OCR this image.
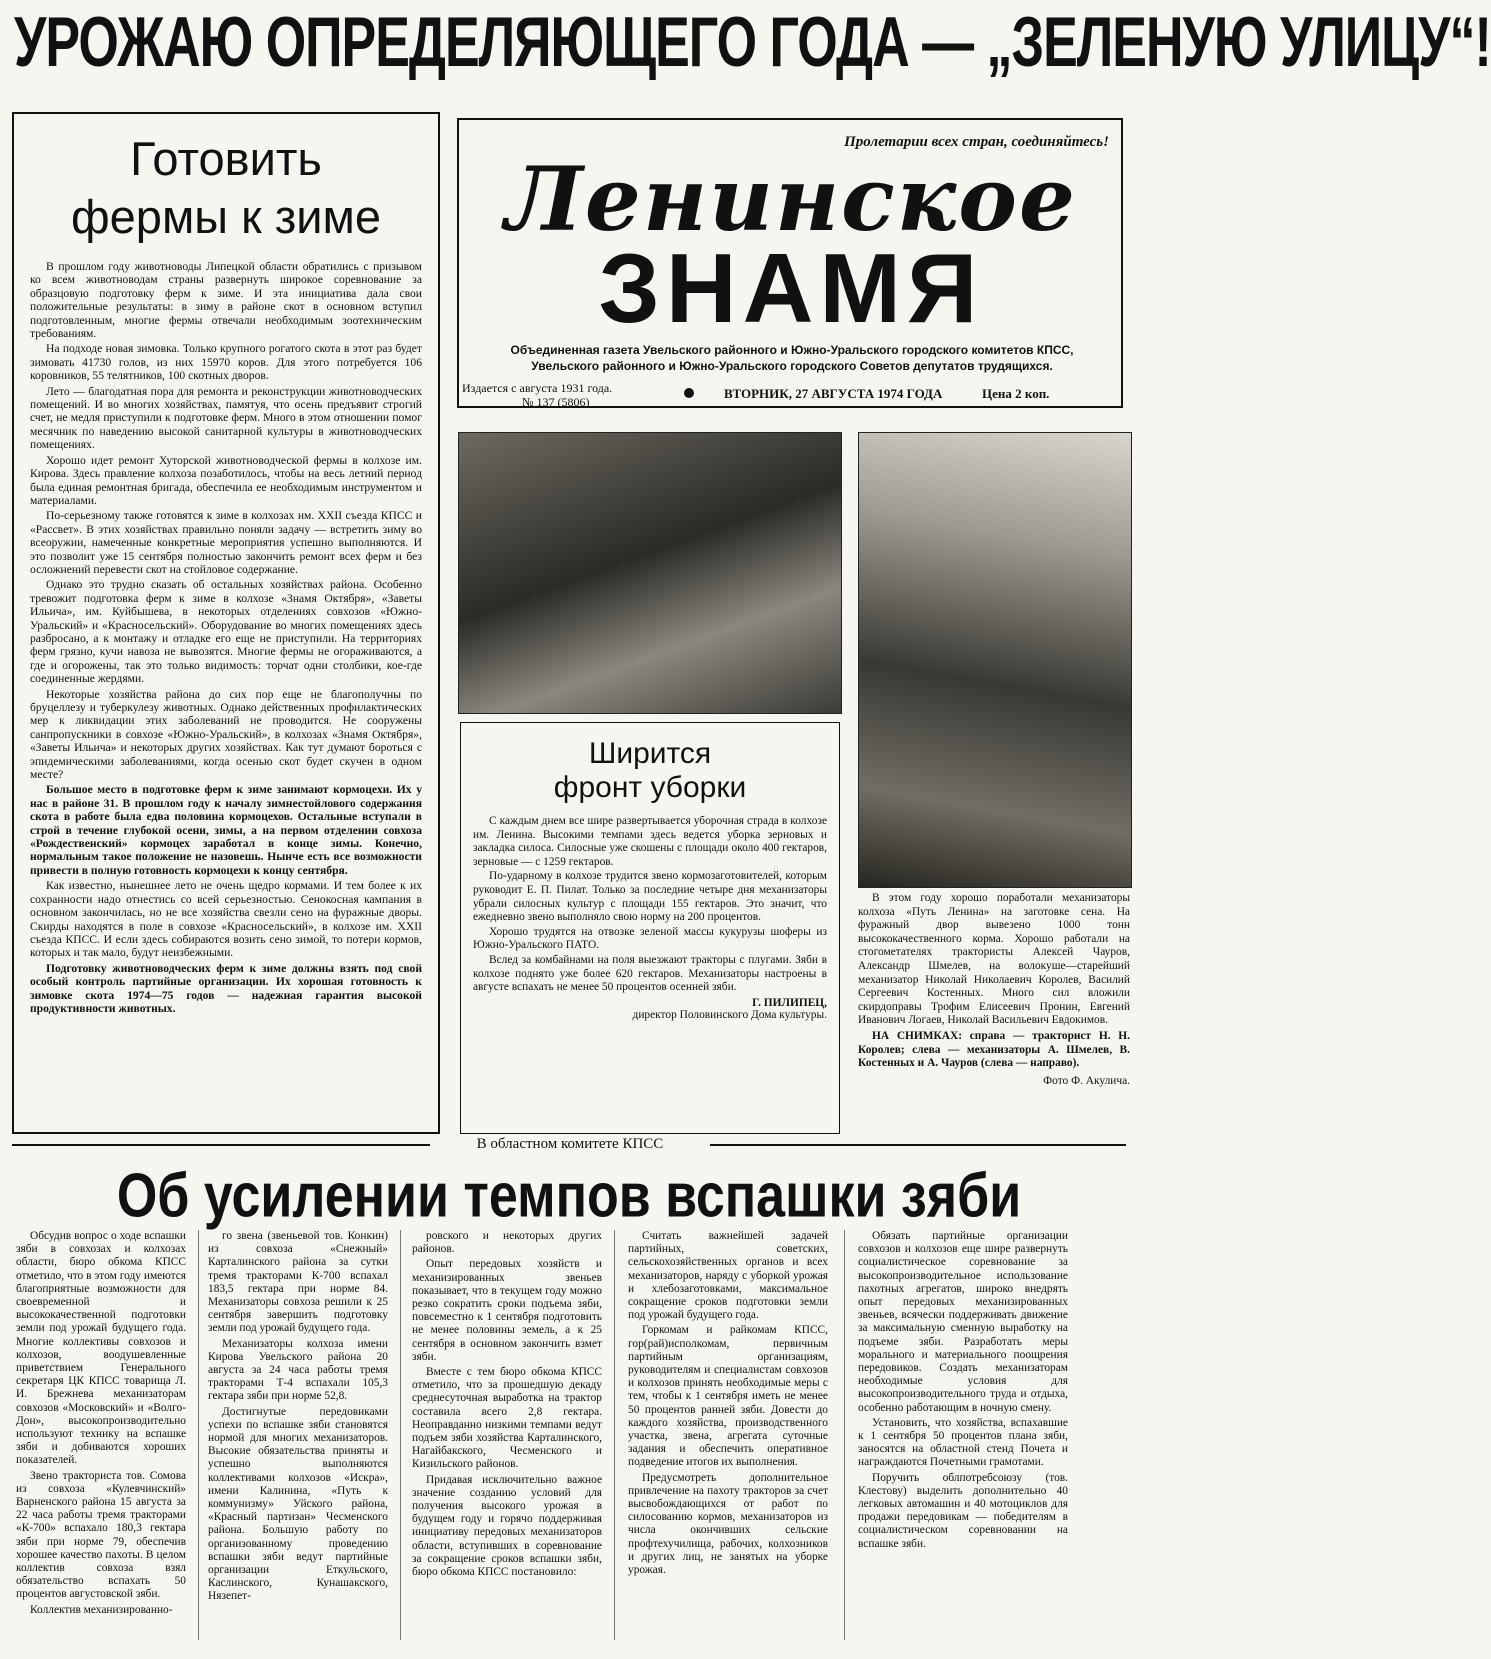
УРОЖАЮ ОПРЕДЕЛЯЮЩЕГО ГОДА — „ЗЕЛЕНУЮ УЛИЦУ“!
Готовить
фермы к зиме

В прошлом году животноводы Липецкой области обратились с призывом ко всем животноводам страны развернуть широкое соревнование за образцовую подготовку ферм к зиме. И эта инициатива дала свои положительные результаты: в зиму в районе скот в основном вступил подготовленным, многие фермы отвечали необходимым зоотехническим требованиям.

На подходе новая зимовка. Только крупного рогатого скота в этот раз будет зимовать 41730 голов, из них 15970 коров. Для этого потребуется 106 коровников, 55 телятников, 100 скотных дворов.

Лето — благодатная пора для ремонта и реконструкции животноводческих помещений. И во многих хозяйствах, памятуя, что осень предъявит строгий счет, не медля приступили к подготовке ферм. Много в этом отношении помог месячник по наведению высокой санитарной культуры в животноводческих помещениях.

Хорошо идет ремонт Хуторской животноводческой фермы в колхозе им. Кирова. Здесь правление колхоза позаботилось, чтобы на весь летний период была единая ремонтная бригада, обеспечила ее необходимым инструментом и материалами.

По-серьезному также готовятся к зиме в колхозах им. XXII съезда КПСС и «Рассвет». В этих хозяйствах правильно поняли задачу — встретить зиму во всеоружии, намеченные конкретные мероприятия успешно выполняются. И это позволит уже 15 сентября полностью закончить ремонт всех ферм и без осложнений перевести скот на стойловое содержание.

Однако это трудно сказать об остальных хозяйствах района. Особенно тревожит подготовка ферм к зиме в колхозе «Знамя Октября», «Заветы Ильича», им. Куйбышева, в некоторых отделениях совхозов «Южно-Уральский» и «Красносельский». Оборудование во многих помещениях здесь разбросано, а к монтажу и отладке его еще не приступили. На территориях ферм грязно, кучи навоза не вывозятся. Многие фермы не огораживаются, а где и огорожены, так это только видимость: торчат одни столбики, кое-где соединенные жердями.

Некоторые хозяйства района до сих пор еще не благополучны по бруцеллезу и туберкулезу животных. Однако действенных профилактических мер к ликвидации этих заболеваний не проводится. Не сооружены санпропускники в совхозе «Южно-Уральский», в колхозах «Знамя Октября», «Заветы Ильича» и некоторых других хозяйствах. Как тут думают бороться с эпидемическими заболеваниями, когда осенью скот будет скучен в одном месте?

Большое место в подготовке ферм к зиме занимают кормоцехи. Их у нас в районе 31. В прошлом году к началу зимнестойлового содержания скота в работе была едва половина кормоцехов. Остальные вступали в строй в течение глубокой осени, зимы, а на первом отделении совхоза «Рождественский» кормоцех заработал в конце зимы. Конечно, нормальным такое положение не назовешь. Нынче есть все возможности привести в полную готовность кормоцехи к концу сентября.

Как известно, нынешнее лето не очень щедро кормами. И тем более к их сохранности надо отнестись со всей серьезностью. Сенокосная кампания в основном закончилась, но не все хозяйства свезли сено на фуражные дворы. Скирды находятся в поле в совхозе «Красносельский», в колхозе им. XXII съезда КПСС. И если здесь собираются возить сено зимой, то потери кормов, которых и так мало, будут неизбежными.

Подготовку животноводческих ферм к зиме должны взять под свой особый контроль партийные организации. Их хорошая готовность к зимовке скота 1974—75 годов — надежная гарантия высокой продуктивности животных.

Пролетарии всех стран, соединяйтесь!
Ленинское
ЗНАМЯ
Объединенная газета Увельского районного и Южно-Уральского городского комитетов КПСС,
Увельского районного и Южно-Уральского городского Советов депутатов трудящихся.
Издается с августа 1931 года.
№ 137 (5806)
ВТОРНИК, 27 АВГУСТА 1974 ГОДА	Цена 2 коп.
Ширится
фронт уборки

С каждым днем все шире развертывается уборочная страда в колхозе им. Ленина. Высокими темпами здесь ведется уборка зерновых и закладка силоса. Силосные уже скошены с площади около 400 гектаров, зерновые — с 1259 гектаров.

По-ударному в колхозе трудится звено кормозаготовителей, которым руководит Е. П. Пилат. Только за последние четыре дня механизаторы убрали силосных культур с площади 155 гектаров. Это значит, что ежедневно звено выполняло свою норму на 200 процентов.

Хорошо трудятся на отвозке зеленой массы кукурузы шоферы из Южно-Уральского ПАТО.

Вслед за комбайнами на поля выезжают тракторы с плугами. Зяби в колхозе поднято уже более 620 гектаров. Механизаторы настроены в августе вспахать не менее 50 процентов осенней зяби.

Г. ПИЛИПЕЦ,
директор Половинского Дома культуры.

В этом году хорошо поработали механизаторы колхоза «Путь Ленина» на заготовке сена. На фуражный двор вывезено 1000 тонн высококачественного корма. Хорошо работали на стогометателях трактористы Алексей Чауров, Александр Шмелев, на волокуше—старейший механизатор Николай Николаевич Королев, Василий Сергеевич Костенных. Много сил вложили скирдоправы Трофим Елисеевич Пронин, Евгений Иванович Логаев, Николай Васильевич Евдокимов.

НА СНИМКАХ: справа — тракторист Н. Н. Королев; слева — механизаторы А. Шмелев, В. Костенных и А. Чауров (слева — направо).

Фото Ф. Акулича.

В областном комитете КПСС
Об усилении темпов вспашки зяби

Обсудив вопрос о ходе вспашки зяби в совхозах и колхозах области, бюро обкома КПСС отметило, что в этом году имеются благоприятные возможности для своевременной и высококачественной подготовки земли под урожай будущего года. Многие коллективы совхозов и колхозов, воодушевленные приветствием Генерального секретаря ЦК КПСС товарища Л. И. Брежнева механизаторам совхозов «Московский» и «Волго-Дон», высокопроизводительно используют технику на вспашке зяби и добиваются хороших показателей.

Звено тракториста тов. Сомова из совхоза «Кулевчинский» Варненского района 15 августа за 22 часа работы тремя тракторами «К-700» вспахало 180,3 гектара зяби при норме 79, обеспечив хорошее качество пахоты. В целом коллектив совхоза взял обязательство вспахать 50 процентов августовской зяби.

Коллектив механизированно-

го звена (звеньевой тов. Конкин) из совхоза «Снежный» Карталинского района за сутки тремя тракторами К-700 вспахал 183,5 гектара при норме 84. Механизаторы совхоза решили к 25 сентября завершить подготовку земли под урожай будущего года.

Механизаторы колхоза имени Кирова Увельского района 20 августа за 24 часа работы тремя тракторами Т-4 вспахали 105,3 гектара зяби при норме 52,8.

Достигнутые передовиками успехи по вспашке зяби становятся нормой для многих механизаторов. Высокие обязательства приняты и успешно выполняются коллективами колхозов «Искра», имени Калинина, «Путь к коммунизму» Уйского района, «Красный партизан» Чесменского района. Большую работу по организованному проведению вспашки зяби ведут партийные организации Еткульского, Каслинского, Кунашакского, Нязепет-

ровского и некоторых других районов.

Опыт передовых хозяйств и механизированных звеньев показывает, что в текущем году можно резко сократить сроки подъема зяби, повсеместно к 1 сентября подготовить не менее половины земель, а к 25 сентября в основном закончить взмет зяби.

Вместе с тем бюро обкома КПСС отметило, что за прошедшую декаду среднесуточная выработка на трактор составила всего 2,8 гектара. Неоправданно низкими темпами ведут подъем зяби хозяйства Карталинского, Нагайбакского, Чесменского и Кизильского районов.

Придавая исключительно важное значение созданию условий для получения высокого урожая в будущем году и горячо поддерживая инициативу передовых механизаторов области, вступивших в соревнование за сокращение сроков вспашки зяби, бюро обкома КПСС постановило:

Считать важнейшей задачей партийных, советских, сельскохозяйственных органов и всех механизаторов, наряду с уборкой урожая и хлебозаготовками, максимальное сокращение сроков подготовки земли под урожай будущего года.

Горкомам и райкомам КПСС, гор(рай)исполкомам, первичным партийным организациям, руководителям и специалистам совхозов и колхозов принять необходимые меры с тем, чтобы к 1 сентября иметь не менее 50 процентов ранней зяби. Довести до каждого хозяйства, производственного участка, звена, агрегата суточные задания и обеспечить оперативное подведение итогов их выполнения.

Предусмотреть дополнительное привлечение на пахоту тракторов за счет высвобождающихся от работ по силосованию кормов, механизаторов из числа окончивших сельские профтехучилища, рабочих, колхозников и других лиц, не занятых на уборке урожая.

Обязать партийные организации совхозов и колхозов еще шире развернуть социалистическое соревнование за высокопроизводительное использование пахотных агрегатов, широко внедрять опыт передовых механизированных звеньев, всячески поддерживать движение за максимальную сменную выработку на подъеме зяби. Разработать меры морального и материального поощрения передовиков. Создать механизаторам необходимые условия для высокопроизводительного труда и отдыха, особенно работающим в ночную смену.

Установить, что хозяйства, вспахавшие к 1 сентября 50 процентов плана зяби, заносятся на областной стенд Почета и награждаются Почетными грамотами.

Поручить облпотребсоюзу (тов. Клестову) выделить дополнительно 40 легковых автомашин и 40 мотоциклов для продажи передовикам — победителям в социалистическом соревновании на вспашке зяби.
